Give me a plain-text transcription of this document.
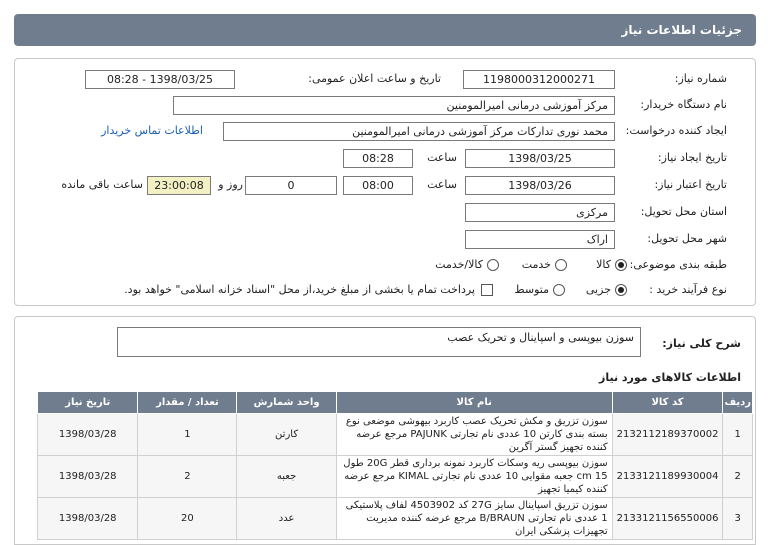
جزئیات اطلاعات نیاز
شماره نیاز:
1198000312000271
تاریخ و ساعت اعلان عمومی:
1398/03/25 - 08:28
نام دستگاه خریدار:
مرکز آموزشی درمانی امیرالمومنین
ایجاد کننده درخواست:
محمد نوری تدارکات مرکز آموزشی درمانی امیرالمومنین
اطلاعات تماس خریدار
تاریخ ایجاد نیاز:
1398/03/25
ساعت
08:28
تاریخ اعتبار نیاز:
1398/03/26
ساعت
08:00
0
روز و
23:00:08
ساعت باقی مانده
استان محل تحویل:
مرکزی
شهر محل تحویل:
اراک
طبقه بندی موضوعی:
کالا
خدمت
کالا/خدمت
نوع فرآیند خرید :
جزیی
متوسط
پرداخت تمام یا بخشی از مبلغ خرید،از محل "اسناد خزانه اسلامی" خواهد بود.
شرح کلی نیاز:
سوزن بیوپسی و اسپاینال و تحریک عصب
اطلاعات کالاهای مورد نیاز
ردیف	کد کالا	نام کالا	واحد شمارش	تعداد / مقدار	تاریخ نیاز
1	2132112189370002	سوزن تزریق و مکش تحریک عصب کاربرد بیهوشی موضعی نوع بسته بندی کارتن 10 عددی نام تجارتی PAJUNK مرجع عرضه کننده تجهیز گستر آگرین	کارتن	1	1398/03/28
2	2133121189930004	سوزن بیوپسی ریه وسکات کاربرد نمونه برداری قطر 20G طول 15 cm جعبه مقوایی 10 عددی نام تجارتی KIMAL مرجع عرضه کننده کیمیا تجهیز	جعبه	2	1398/03/28
3	2133121156550006	سوزن تزریق اسپاینال سایز 27G کد 4503902 لفاف پلاستیکی 1 عددی نام تجارتی B/BRAUN مرجع عرضه کننده مدیریت تجهیزات پزشکی ایران	عدد	20	1398/03/28
